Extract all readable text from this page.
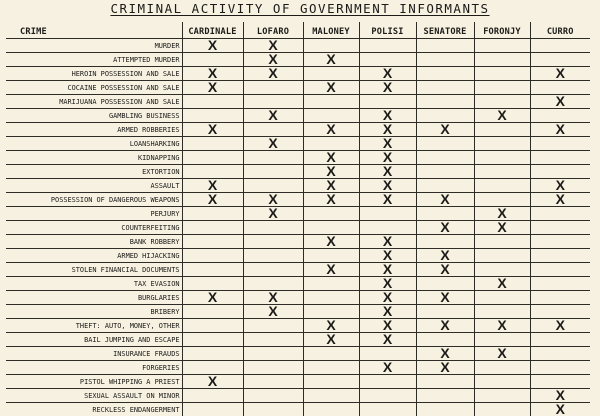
CRIMINAL ACTIVITY OF GOVERNMENT INFORMANTS
CRIME	CARDINALE	LOFARO	MALONEY	POLISI	SENATORE	FORONJY	CURRO
MURDER	X	X					
ATTEMPTED MURDER		X	X				
HEROIN POSSESSION AND SALE	X	X		X			X
COCAINE POSSESSION AND SALE	X		X	X			
MARIJUANA POSSESSION AND SALE							X
GAMBLING BUSINESS		X		X		X	
ARMED ROBBERIES	X		X	X	X		X
LOANSHARKING		X		X			
KIDNAPPING			X	X			
EXTORTION			X	X			
ASSAULT	X		X	X			X
POSSESSION OF DANGEROUS WEAPONS	X	X	X	X	X		X
PERJURY		X				X	
COUNTERFEITING					X	X	
BANK ROBBERY			X	X			
ARMED HIJACKING				X	X		
STOLEN FINANCIAL DOCUMENTS			X	X	X		
TAX EVASION				X		X	
BURGLARIES	X	X		X	X		
BRIBERY		X		X			
THEFT: AUTO, MONEY, OTHER			X	X	X	X	X
BAIL JUMPING AND ESCAPE			X	X			
INSURANCE FRAUDS					X	X	
FORGERIES				X	X		
PISTOL WHIPPING A PRIEST	X						
SEXUAL ASSAULT ON MINOR							X
RECKLESS ENDANGERMENT							X
